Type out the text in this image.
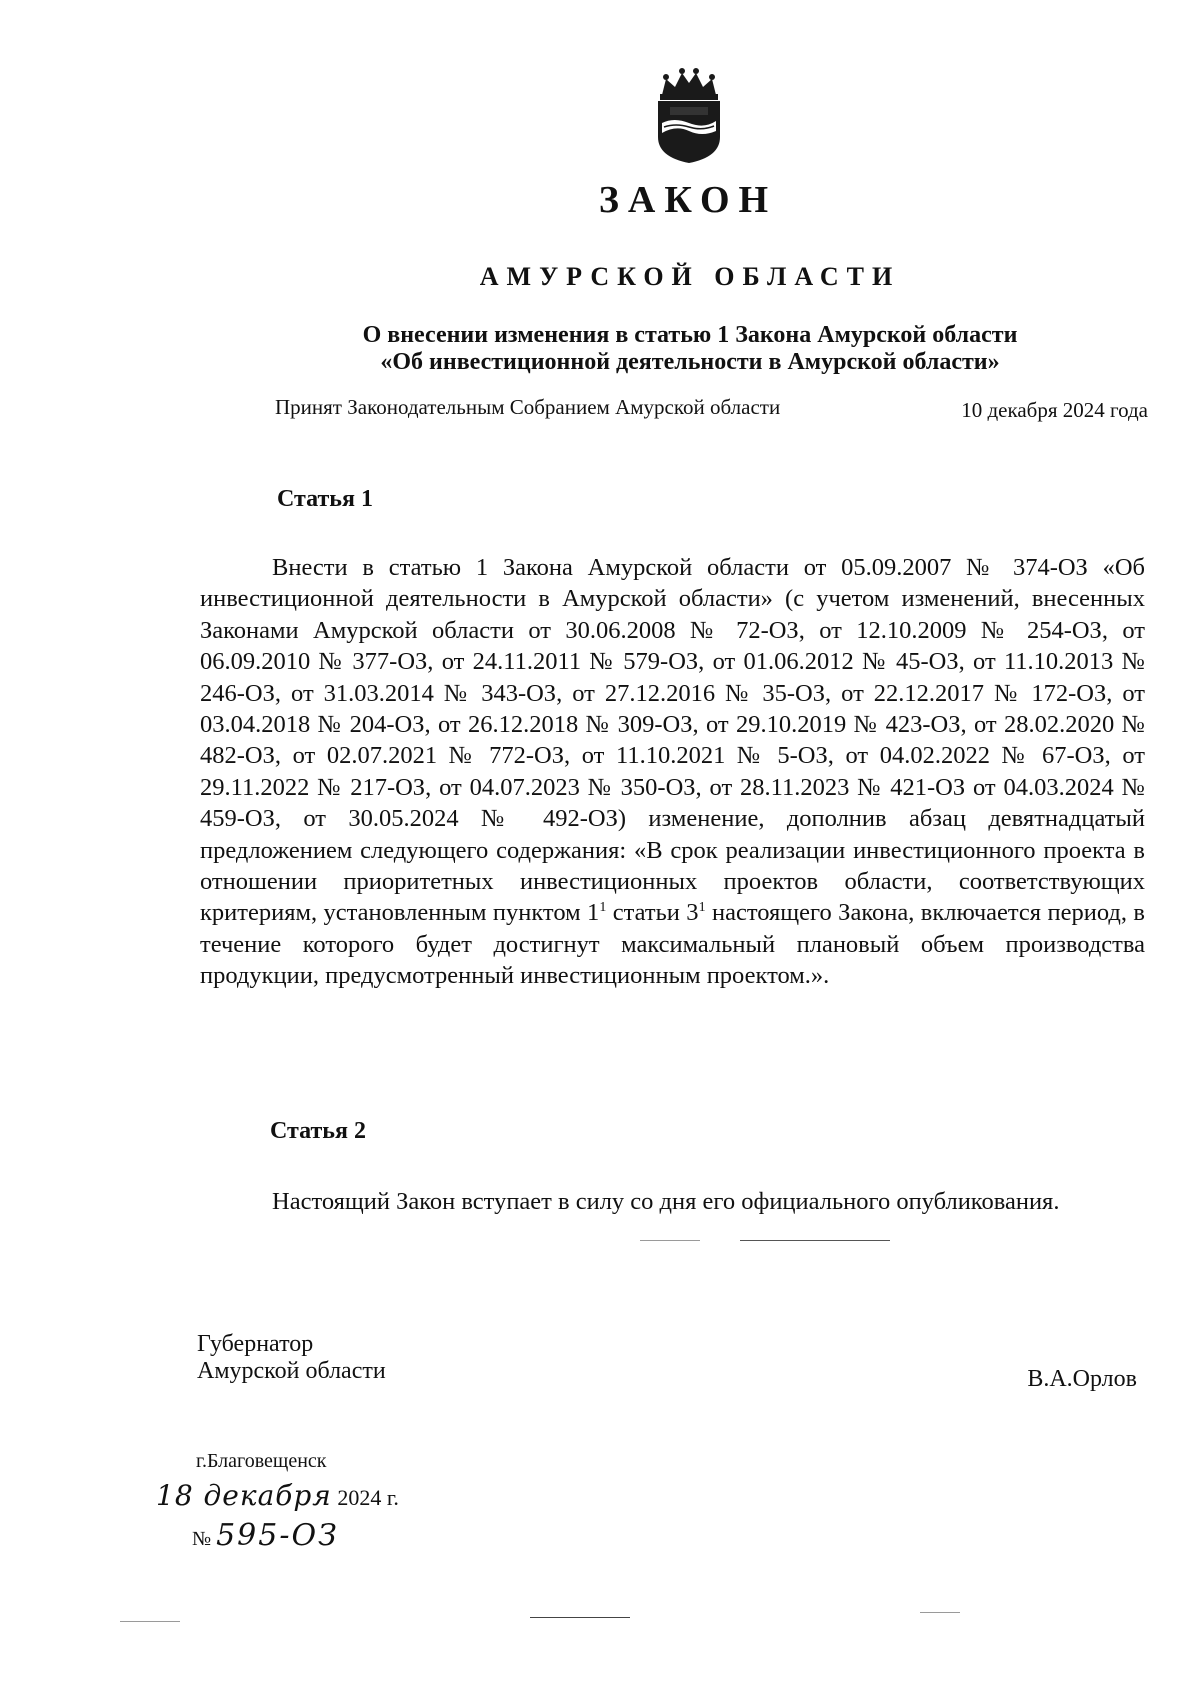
ЗАКОН
АМУРСКОЙ ОБЛАСТИ
О внесении изменения в статью 1 Закона Амурской области
«Об инвестиционной деятельности в Амурской области»
Принят Законодательным Собранием Амурской области	10 декабря 2024 года
Статья 1
Внести в статью 1 Закона Амурской области от 05.09.2007 № 374-ОЗ «Об инвестиционной деятельности в Амурской области» (с учетом изменений, внесенных Законами Амурской области от 30.06.2008 № 72-ОЗ, от 12.10.2009 № 254-ОЗ, от 06.09.2010 № 377-ОЗ, от 24.11.2011 № 579-ОЗ, от 01.06.2012 № 45-ОЗ, от 11.10.2013 № 246-ОЗ, от 31.03.2014 № 343-ОЗ, от 27.12.2016 № 35-ОЗ, от 22.12.2017 № 172-ОЗ, от 03.04.2018 № 204-ОЗ, от 26.12.2018 № 309-ОЗ, от 29.10.2019 № 423-ОЗ, от 28.02.2020 № 482-ОЗ, от 02.07.2021 № 772-ОЗ, от 11.10.2021 № 5-ОЗ, от 04.02.2022 № 67-ОЗ, от 29.11.2022 № 217-ОЗ, от 04.07.2023 № 350-ОЗ, от 28.11.2023 № 421-ОЗ от 04.03.2024 № 459-ОЗ, от 30.05.2024 № 492-ОЗ) изменение, дополнив абзац девятнадцатый предложением следующего содержания: «В срок реализации инвестиционного проекта в отношении приоритетных инвестиционных проектов области, соответствующих критериям, установленным пунктом $1^1$ статьи $3^1$ настоящего Закона, включается период, в течение которого будет достигнут максимальный плановый объем производства продукции, предусмотренный инвестиционным проектом.».
Статья 2
Настоящий Закон вступает в силу со дня его официального опубликования.
Губернатор
Амурской области	В.А.Орлов
г.Благовещенск
18 декабря 2024 г.
№ 595-ОЗ
